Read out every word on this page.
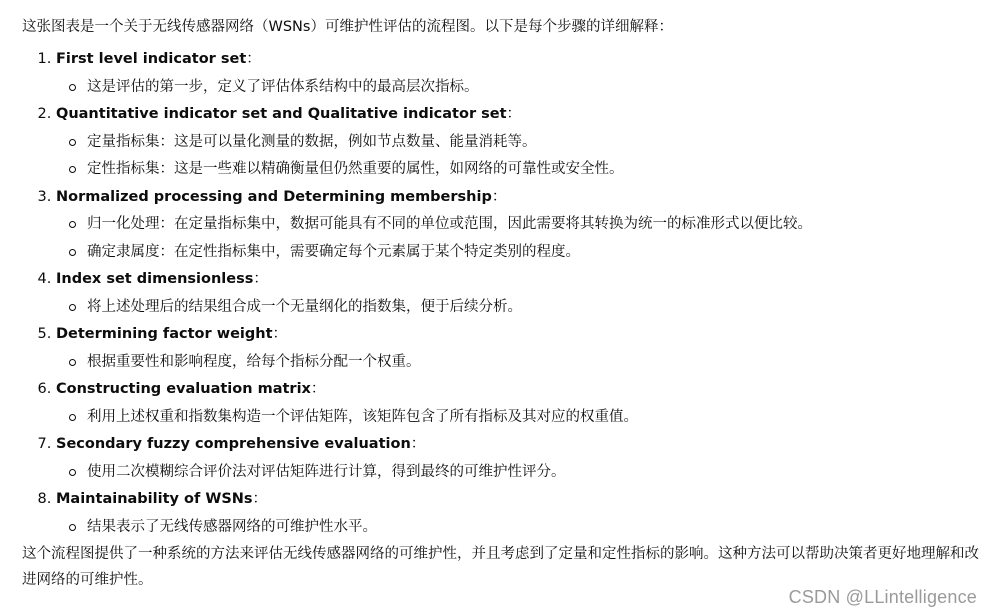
这张图表是一个关于无线传感器网络（WSNs）可维护性评估的流程图。以下是每个步骤的详细解释：

1. First level indicator set：
这是评估的第一步，定义了评估体系结构中的最高层次指标。
2. Quantitative indicator set and Qualitative indicator set：
定量指标集：这是可以量化测量的数据，例如节点数量、能量消耗等。
定性指标集：这是一些难以精确衡量但仍然重要的属性，如网络的可靠性或安全性。
3. Normalized processing and Determining membership：
归一化处理：在定量指标集中，数据可能具有不同的单位或范围，因此需要将其转换为统一的标准形式以便比较。
确定隶属度：在定性指标集中，需要确定每个元素属于某个特定类别的程度。
4. Index set dimensionless：
将上述处理后的结果组合成一个无量纲化的指数集，便于后续分析。
5. Determining factor weight：
根据重要性和影响程度，给每个指标分配一个权重。
6. Constructing evaluation matrix：
利用上述权重和指数集构造一个评估矩阵，该矩阵包含了所有指标及其对应的权重值。
7. Secondary fuzzy comprehensive evaluation：
使用二次模糊综合评价法对评估矩阵进行计算，得到最终的可维护性评分。
8. Maintainability of WSNs：
结果表示了无线传感器网络的可维护性水平。

这个流程图提供了一种系统的方法来评估无线传感器网络的可维护性，并且考虑到了定量和定性指标的影响。这种方法可以帮助决策者更好地理解和改进网络的可维护性。

CSDN @LLintelligence
